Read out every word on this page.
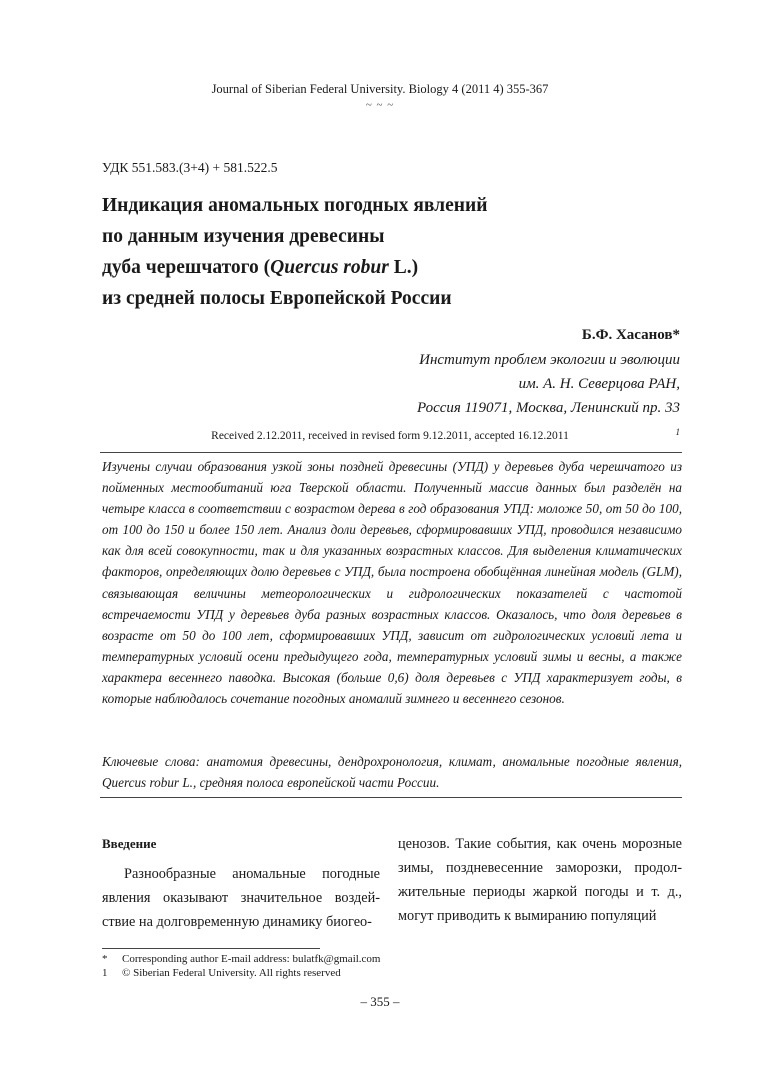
Journal of Siberian Federal University. Biology 4 (2011 4) 355-367
~ ~ ~
УДК 551.583.(3+4) + 581.522.5
Индикация аномальных погодных явлений
по данным изучения древесины
дуба черешчатого (Quercus robur L.)
из средней полосы Европейской России
Б.Ф. Хасанов*
Институт проблем экологии и эволюции
им. А. Н. Северцова РАН,
Россия 119071, Москва, Ленинский пр. 33
$^1$
Received 2.12.2011, received in revised form 9.12.2011, accepted 16.12.2011
Изучены случаи образования узкой зоны поздней древесины (УПД) у деревьев дуба черешчатого из пойменных местообитаний юга Тверской области. Полученный массив данных был разделён на четыре класса в соответствии с возрастом дерева в год образования УПД: моложе 50, от 50 до 100, от 100 до 150 и более 150 лет. Анализ доли деревьев, сформировавших УПД, проводился независимо как для всей совокупности, так и для указанных возрастных классов. Для выделения климатических факторов, определяющих долю деревьев с УПД, была построена обобщённая линейная модель (GLM), связывающая величины метеорологических и гидрологических показателей с частотой встречаемости УПД у деревьев дуба разных возрастных классов. Оказалось, что доля деревьев в возрасте от 50 до 100 лет, сформировавших УПД, зависит от гидрологических условий лета и температурных условий осени предыдущего года, температурных условий зимы и весны, а также характера весеннего паводка. Высокая (больше 0,6) доля деревьев с УПД характеризует годы, в которые наблюдалось сочетание погодных аномалий зимнего и весеннего сезонов.
Ключевые слова: анатомия древесины, дендрохронология, климат, аномальные погодные явления, Quercus robur L., средняя полоса европейской части России.
Введение
Разнообразные аномальные погодные явления оказывают значительное воздей-ствие на долговременную динамику биогео-
ценозов. Такие события, как очень морозные зимы, поздневесенние заморозки, продол-жительные периоды жаркой погоды и т. д., могут приводить к вымиранию популяций
* Corresponding author E-mail address: bulatfk@gmail.com
1 © Siberian Federal University. All rights reserved
– 355 –
